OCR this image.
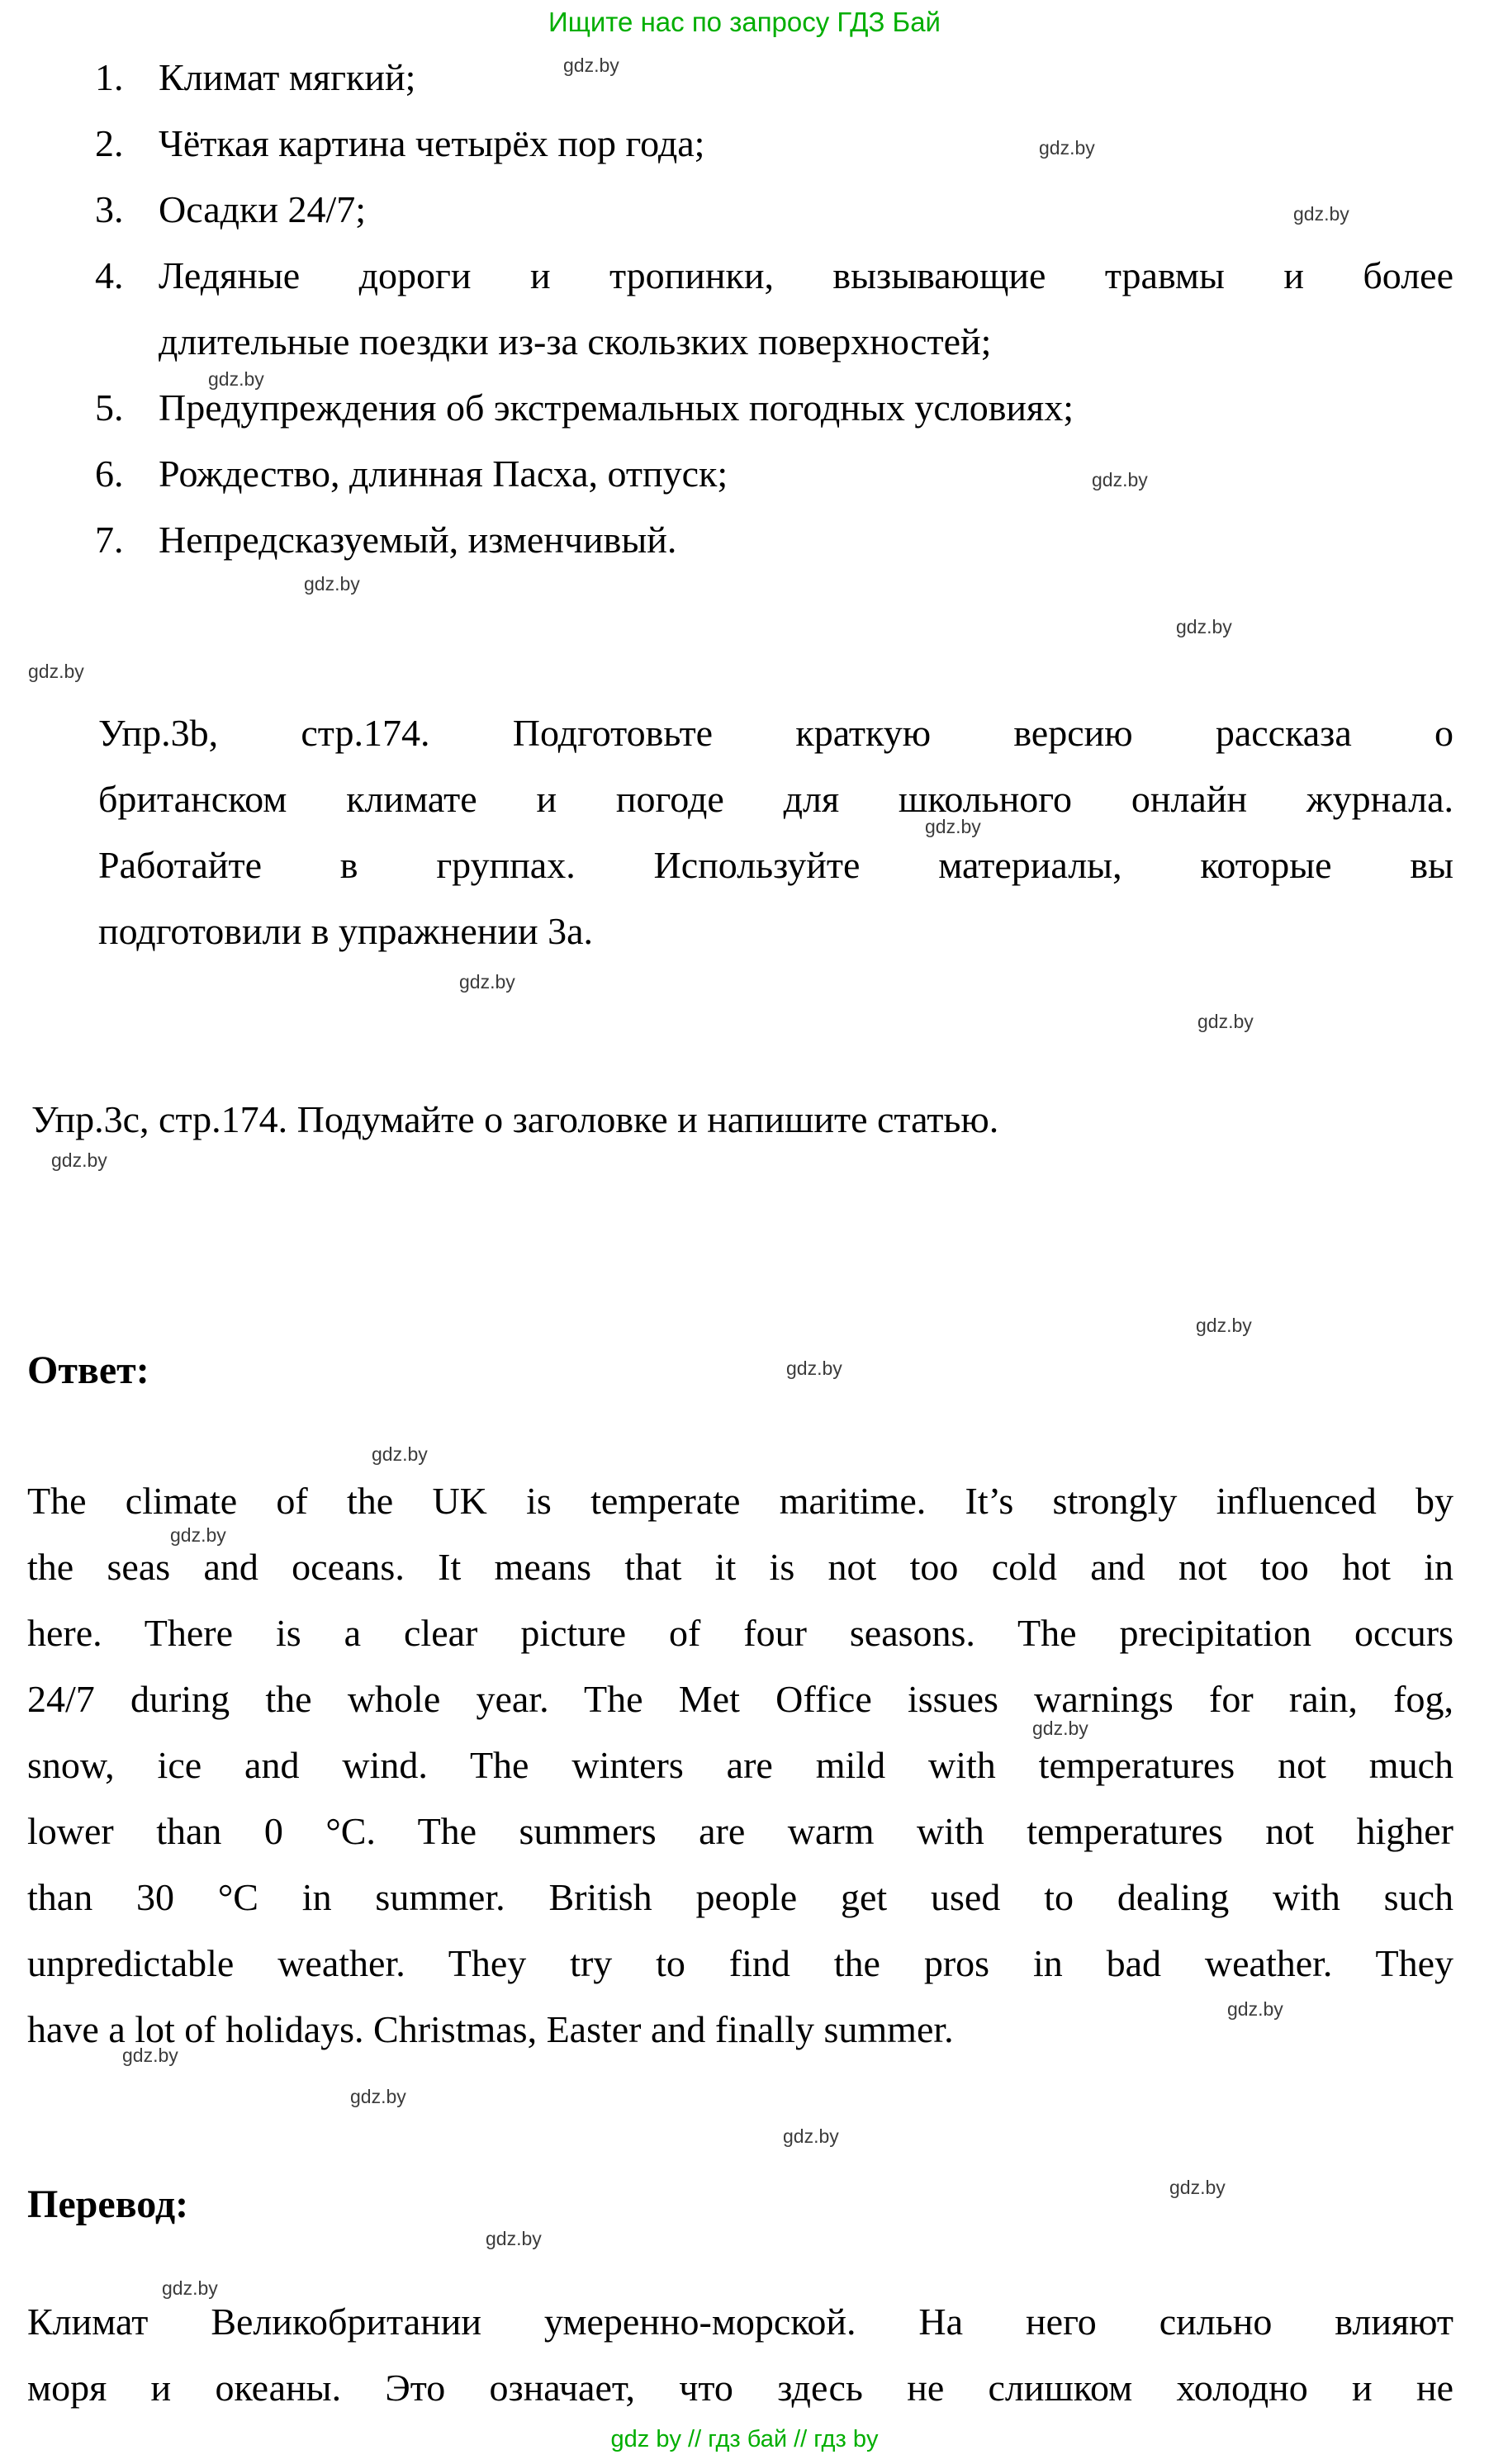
gdz.by
gdz.by
gdz.by
gdz.by
gdz.by
gdz.by
gdz.by
gdz.by
gdz.by
gdz.by
gdz.by
gdz.by
gdz.by
gdz.by
gdz.by
gdz.by
gdz.by
gdz.by
gdz.by
gdz.by
gdz.by
gdz.by
gdz.by
gdz.by
Ищите нас по запросу ГДЗ Бай
1. Климат мягкий;
2. Чёткая картина четырёх пор года;
3. Осадки 24/7;
4. Ледяные дороги и тропинки, вызывающие травмы и более
длительные поездки из-за скользких поверхностей;
5. Предупреждения об экстремальных погодных условиях;
6. Рождество, длинная Пасха, отпуск;
7. Непредсказуемый, изменчивый.
Упр.3b, стр.174. Подготовьте краткую версию рассказа о
британском климате и погоде для школьного онлайн журнала.
Работайте в группах. Используйте материалы, которые вы
подготовили в упражнении 3a.
Упр.3c, стр.174. Подумайте о заголовке и напишите статью.
Ответ:
The climate of the UK is temperate maritime. It’s strongly influenced by
the seas and oceans. It means that it is not too cold and not too hot in
here. There is a clear picture of four seasons. The precipitation occurs
24/7 during the whole year. The Met Office issues warnings for rain, fog,
snow, ice and wind. The winters are mild with temperatures not much
lower than 0 °C. The summers are warm with temperatures not higher
than 30 °C in summer. British people get used to dealing with such
unpredictable weather. They try to find the pros in bad weather. They
have a lot of holidays. Christmas, Easter and finally summer.
Перевод:
Климат Великобритании умеренно-морской. На него сильно влияют
моря и океаны. Это означает, что здесь не слишком холодно и не
gdz by // гдз бай // гдз by
